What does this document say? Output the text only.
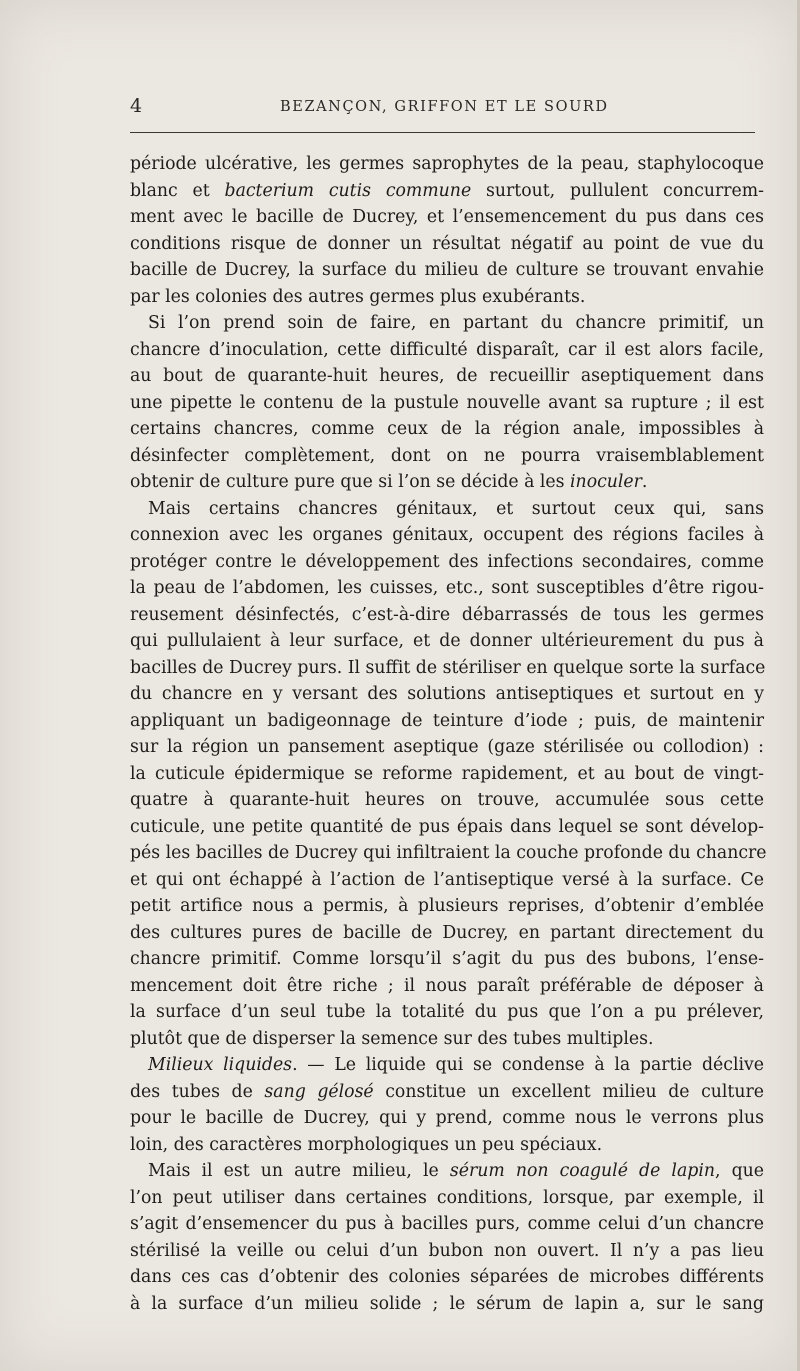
4	BEZANÇON, GRIFFON ET LE SOURD
période ulcérative, les germes saprophytes de la peau, staphylocoque
blanc et bacterium cutis commune surtout, pullulent concurrem-
ment avec le bacille de Ducrey, et l’ensemencement du pus dans ces
conditions risque de donner un résultat négatif au point de vue du
bacille de Ducrey, la surface du milieu de culture se trouvant envahie
par les colonies des autres germes plus exubérants.
Si l’on prend soin de faire, en partant du chancre primitif, un
chancre d’inoculation, cette difficulté disparaît, car il est alors facile,
au bout de quarante-huit heures, de recueillir aseptiquement dans
une pipette le contenu de la pustule nouvelle avant sa rupture ; il est
certains chancres, comme ceux de la région anale, impossibles à
désinfecter complètement, dont on ne pourra vraisemblablement
obtenir de culture pure que si l’on se décide à les inoculer.
Mais certains chancres génitaux, et surtout ceux qui, sans
connexion avec les organes génitaux, occupent des régions faciles à
protéger contre le développement des infections secondaires, comme
la peau de l’abdomen, les cuisses, etc., sont susceptibles d’être rigou-
reusement désinfectés, c’est-à-dire débarrassés de tous les germes
qui pullulaient à leur surface, et de donner ultérieurement du pus à
bacilles de Ducrey purs. Il suffit de stériliser en quelque sorte la surface
du chancre en y versant des solutions antiseptiques et surtout en y
appliquant un badigeonnage de teinture d’iode ; puis, de maintenir
sur la région un pansement aseptique (gaze stérilisée ou collodion) :
la cuticule épidermique se reforme rapidement, et au bout de vingt-
quatre à quarante-huit heures on trouve, accumulée sous cette
cuticule, une petite quantité de pus épais dans lequel se sont dévelop-
pés les bacilles de Ducrey qui infiltraient la couche profonde du chancre
et qui ont échappé à l’action de l’antiseptique versé à la surface. Ce
petit artifice nous a permis, à plusieurs reprises, d’obtenir d’emblée
des cultures pures de bacille de Ducrey, en partant directement du
chancre primitif. Comme lorsqu’il s’agit du pus des bubons, l’ense-
mencement doit être riche ; il nous paraît préférable de déposer à
la surface d’un seul tube la totalité du pus que l’on a pu prélever,
plutôt que de disperser la semence sur des tubes multiples.
Milieux liquides. — Le liquide qui se condense à la partie déclive
des tubes de sang gélosé constitue un excellent milieu de culture
pour le bacille de Ducrey, qui y prend, comme nous le verrons plus
loin, des caractères morphologiques un peu spéciaux.
Mais il est un autre milieu, le sérum non coagulé de lapin, que
l’on peut utiliser dans certaines conditions, lorsque, par exemple, il
s’agit d’ensemencer du pus à bacilles purs, comme celui d’un chancre
stérilisé la veille ou celui d’un bubon non ouvert. Il n’y a pas lieu
dans ces cas d’obtenir des colonies séparées de microbes différents
à la surface d’un milieu solide ; le sérum de lapin a, sur le sang
